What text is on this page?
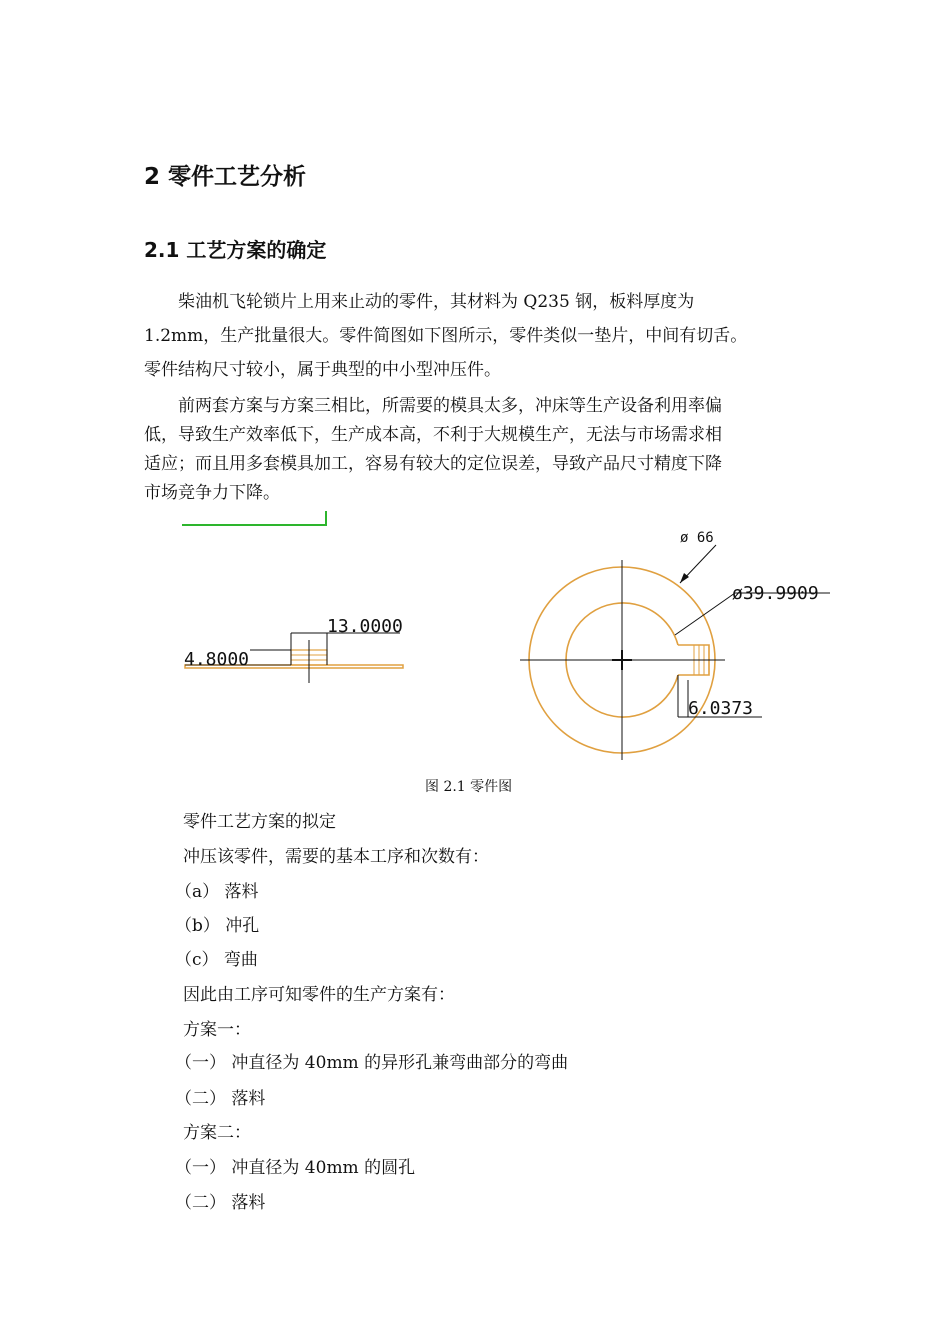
2 零件工艺分析
2.1 工艺方案的确定

　　柴油机飞轮锁片上用来止动的零件，其材料为 Q235 钢，板料厚度为
1.2mm，生产批量很大。零件简图如下图所示，零件类似一垫片，中间有切舌。
零件结构尺寸较小，属于典型的中小型冲压件。

　　前两套方案与方案三相比，所需要的模具太多，冲床等生产设备利用率偏
低，导致生产效率低下，生产成本高，不利于大规模生产，无法与市场需求相
适应；而且用多套模具加工，容易有较大的定位误差，导致产品尺寸精度下降
市场竞争力下降。

13.0000
4.8000
ø 66
ø39.9909
6.0373
图 2.1 零件图
零件工艺方案的拟定
冲压该零件，需要的基本工序和次数有：
（a） 落料
（b） 冲孔
（c） 弯曲
因此由工序可知零件的生产方案有：
方案一：
（一） 冲直径为 40mm 的异形孔兼弯曲部分的弯曲
（二） 落料
方案二：
（一） 冲直径为 40mm 的圆孔
（二） 落料
